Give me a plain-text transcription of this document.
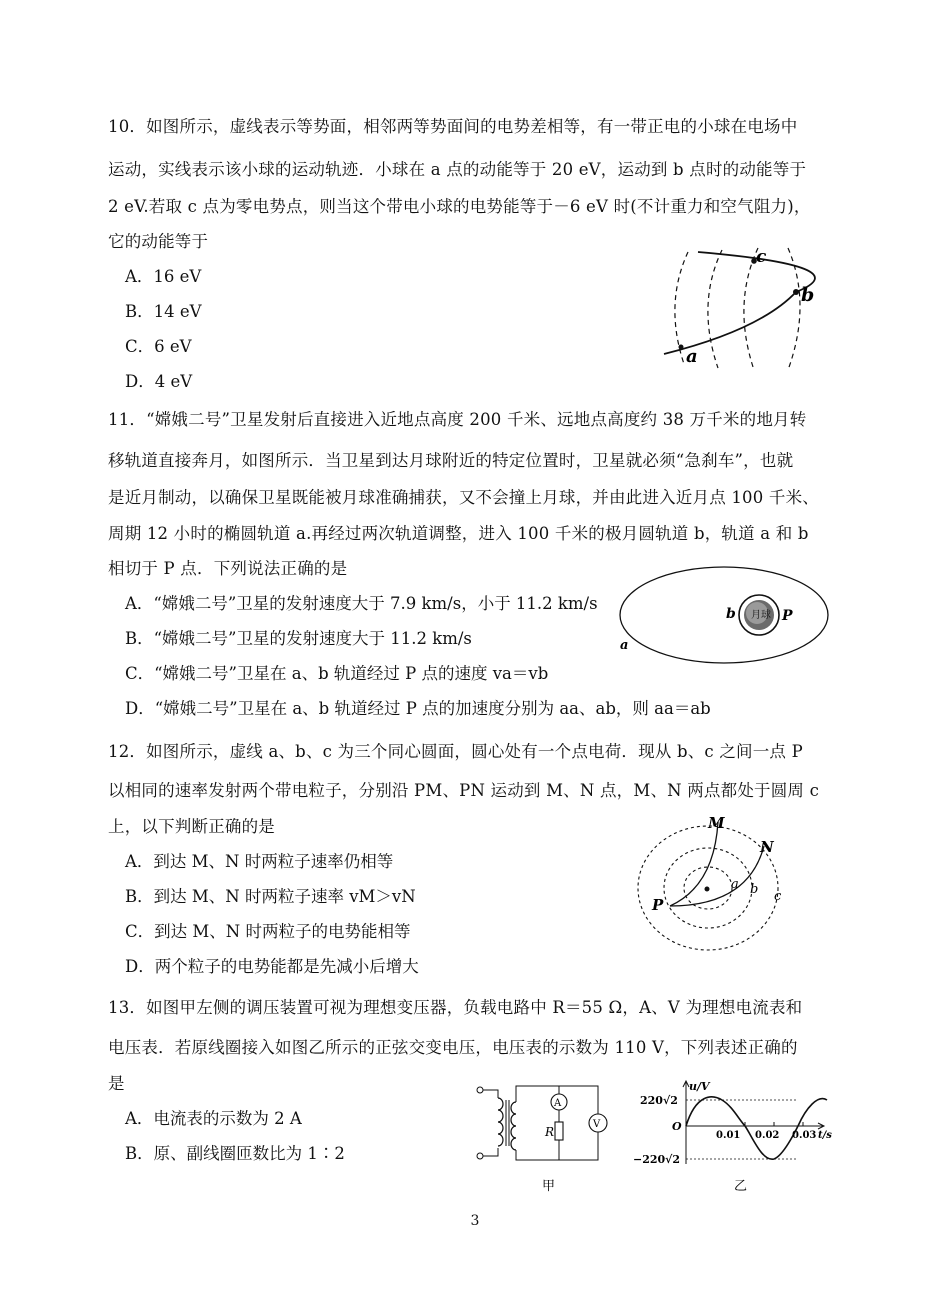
10．如图所示，虚线表示等势面，相邻两等势面间的电势差相等，有一带正电的小球在电场中
运动，实线表示该小球的运动轨迹．小球在 a 点的动能等于 20 eV，运动到 b 点时的动能等于
2 eV.若取 c 点为零电势点，则当这个带电小球的电势能等于－6 eV 时(不计重力和空气阻力)，
它的动能等于
A．16 eV
B．14 eV
C．6 eV
D．4 eV
c
b
a
11．“嫦娥二号”卫星发射后直接进入近地点高度 200 千米、远地点高度约 38 万千米的地月转
移轨道直接奔月，如图所示．当卫星到达月球附近的特定位置时，卫星就必须“急刹车”，也就
是近月制动，以确保卫星既能被月球准确捕获，又不会撞上月球，并由此进入近月点 100 千米、
周期 12 小时的椭圆轨道 a.再经过两次轨道调整，进入 100 千米的极月圆轨道 b，轨道 a 和 b
相切于 P 点．下列说法正确的是
A．“嫦娥二号”卫星的发射速度大于 7.9 km/s，小于 11.2 km/s
B．“嫦娥二号”卫星的发射速度大于 11.2 km/s
C．“嫦娥二号”卫星在 a、b 轨道经过 P 点的速度 va＝vb
D．“嫦娥二号”卫星在 a、b 轨道经过 P 点的加速度分别为 aa、ab，则 aa＝ab
月球
b	P
a
12．如图所示，虚线 a、b、c 为三个同心圆面，圆心处有一个点电荷．现从 b、c 之间一点 P
以相同的速率发射两个带电粒子，分别沿 PM、PN 运动到 M、N 点，M、N 两点都处于圆周 c
上，以下判断正确的是
A．到达 M、N 时两粒子速率仍相等
B．到达 M、N 时两粒子速率 vM＞vN
C．到达 M、N 时两粒子的电势能相等
D．两个粒子的电势能都是先减小后增大
M
N
P
a b c
13．如图甲左侧的调压装置可视为理想变压器，负载电路中 R＝55 Ω，A、V 为理想电流表和
电压表．若原线圈接入如图乙所示的正弦交变电压，电压表的示数为 110 V，下列表述正确的
是
A．电流表的示数为 2 A
B．原、副线圈匝数比为 1∶2
A
R
V
甲
u/V
220√2
−220√2
O
0.01 0.02 0.03 t/s
乙
3
